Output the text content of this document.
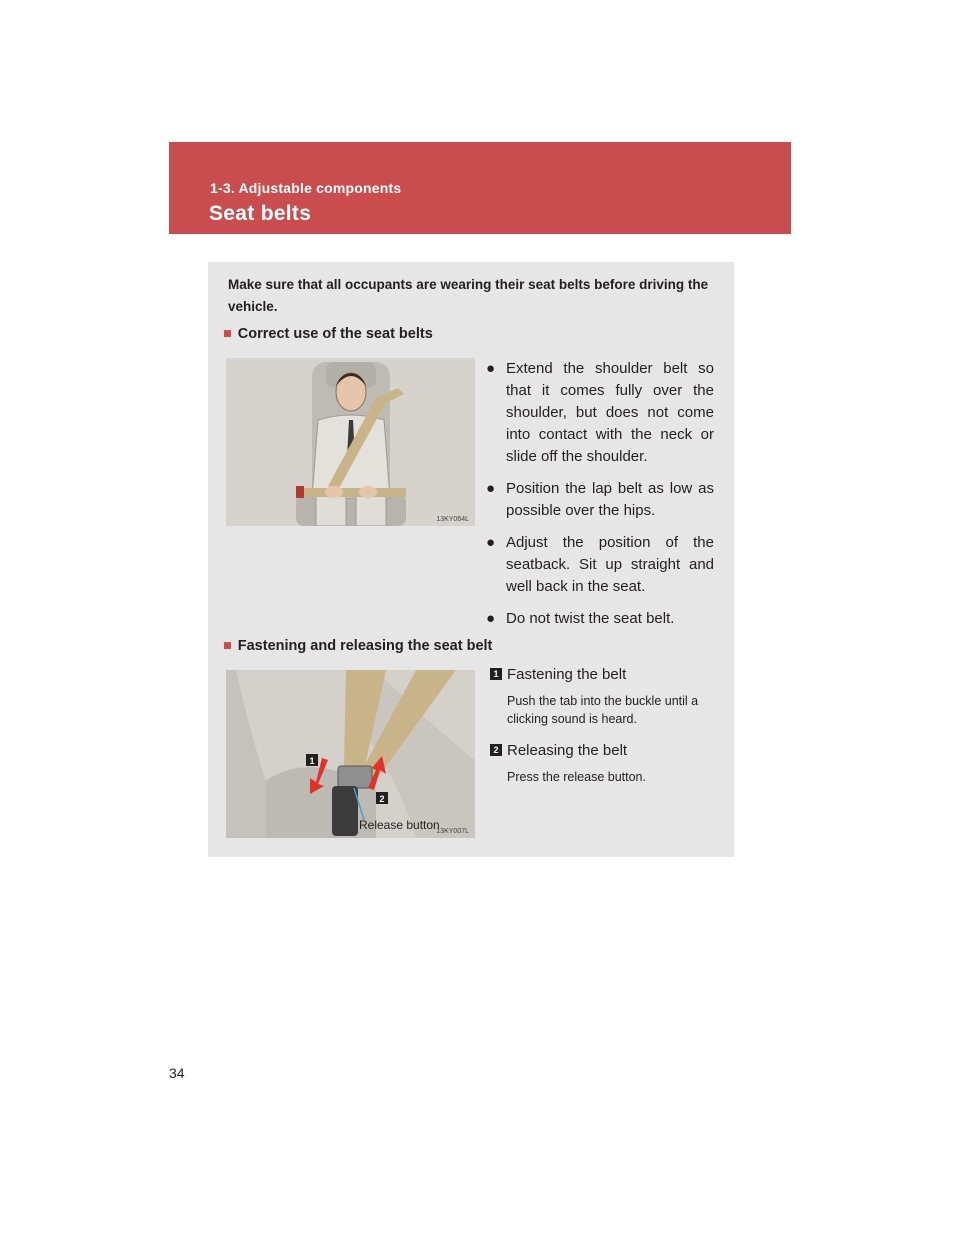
1-3. Adjustable components
Seat belts
Make sure that all occupants are wearing their seat belts before driving the vehicle.
■ Correct use of the seat belts
13KY064L
● Extend the shoulder belt so that it comes fully over the shoulder, but does not come into contact with the neck or slide off the shoulder.
● Position the lap belt as low as possible over the hips.
● Adjust the position of the seatback. Sit up straight and well back in the seat.
● Do not twist the seat belt.
■ Fastening and releasing the seat belt
1
2
Release button
13KY007L
1 Fastening the belt
Push the tab into the buckle until a clicking sound is heard.
2 Releasing the belt
Press the release button.
34
